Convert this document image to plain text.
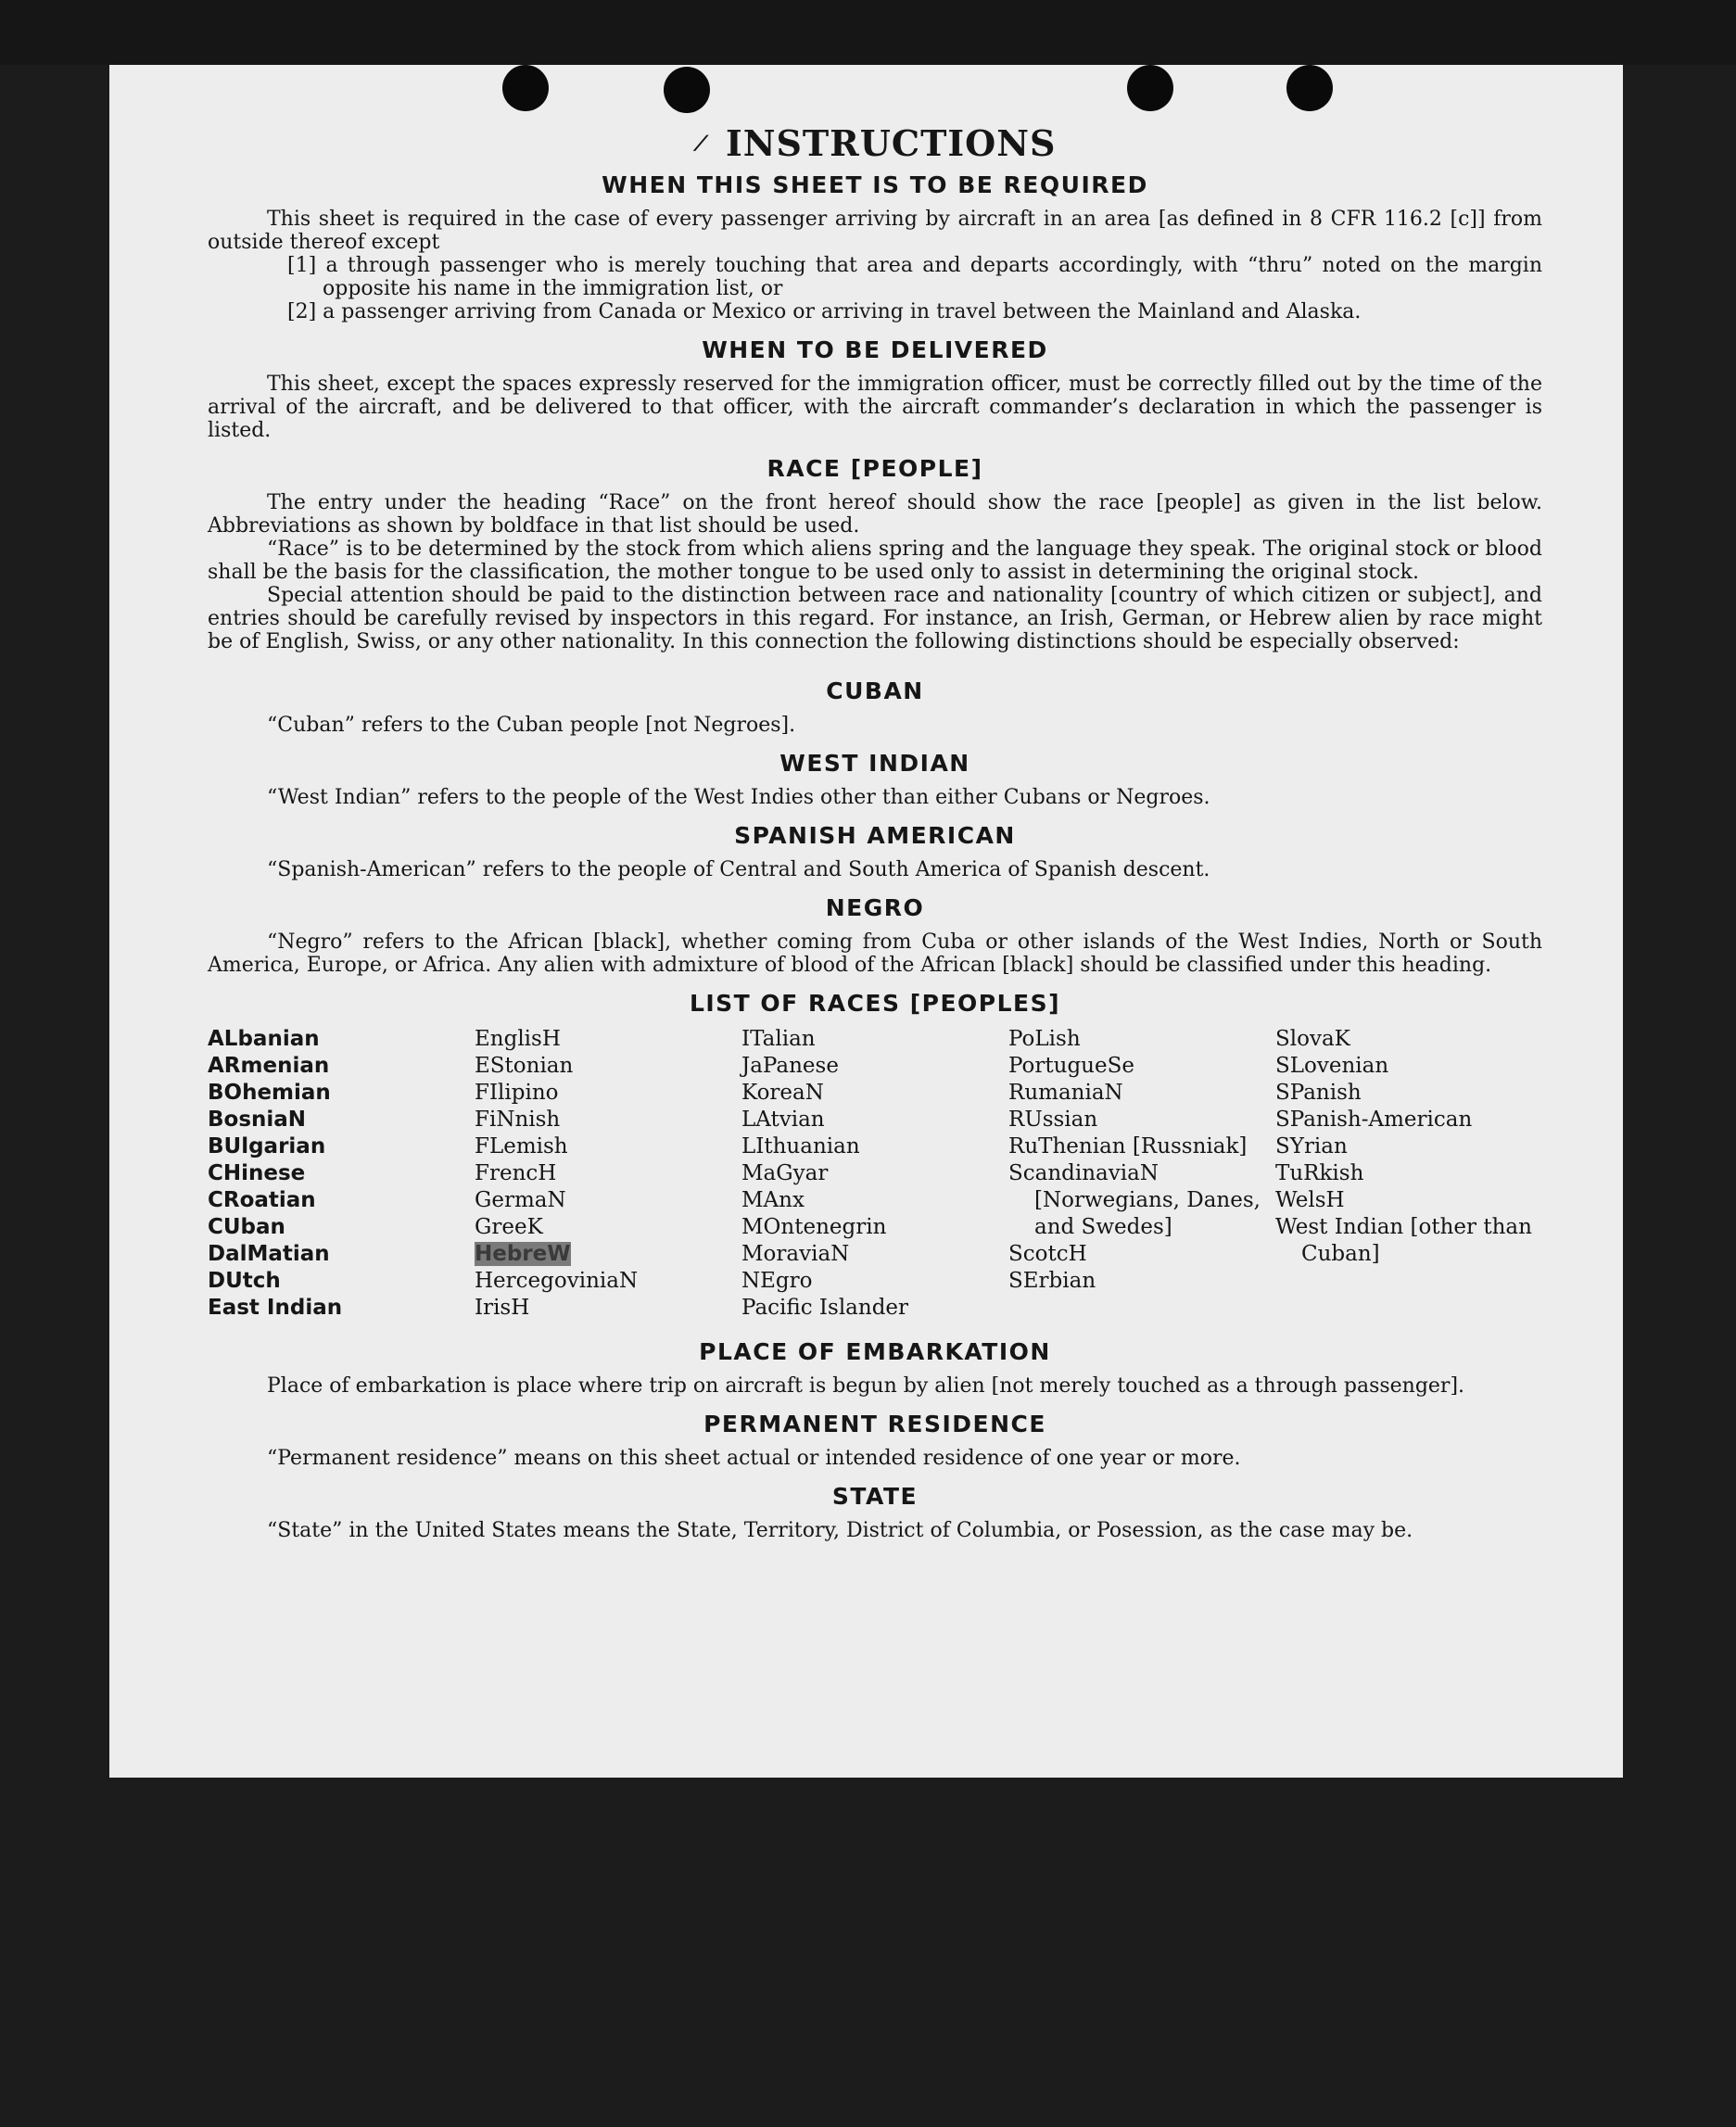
⟋ INSTRUCTIONS
WHEN THIS SHEET IS TO BE REQUIRED

This sheet is required in the case of every passenger arriving by aircraft in an area [as defined in 8 CFR 116.2 [c]] from outside thereof except

[1] a through passenger who is merely touching that area and departs accordingly, with “thru” noted on the margin opposite his name in the immigration list, or

[2] a passenger arriving from Canada or Mexico or arriving in travel between the Mainland and Alaska.

WHEN TO BE DELIVERED

This sheet, except the spaces expressly reserved for the immigration officer, must be correctly filled out by the time of the arrival of the aircraft, and be delivered to that officer, with the aircraft commander’s declaration in which the passenger is listed.

RACE [PEOPLE]

The entry under the heading “Race” on the front hereof should show the race [people] as given in the list below. Abbreviations as shown by boldface in that list should be used.

“Race” is to be determined by the stock from which aliens spring and the language they speak. The original stock or blood shall be the basis for the classification, the mother tongue to be used only to assist in determining the original stock.

Special attention should be paid to the distinction between race and nationality [country of which citizen or subject], and entries should be carefully revised by inspectors in this regard. For instance, an Irish, German, or Hebrew alien by race might be of English, Swiss, or any other nationality. In this connection the following distinctions should be especially observed:

CUBAN

“Cuban” refers to the Cuban people [not Negroes].

WEST INDIAN

“West Indian” refers to the people of the West Indies other than either Cubans or Negroes.

SPANISH AMERICAN

“Spanish-American” refers to the people of Central and South America of Spanish descent.

NEGRO

“Negro” refers to the African [black], whether coming from Cuba or other islands of the West Indies, North or South America, Europe, or Africa. Any alien with admixture of blood of the African [black] should be classified under this heading.

LIST OF RACES [PEOPLES]
ALbanian
ARmenian
BOhemian
BosniaN
BUlgarian
CHinese
CRoatian
CUban
DalMatian
DUtch
East Indian
EnglisH
EStonian
FIlipino
FiNnish
FLemish
FrencH
GermaN
GreeK
HebreW
HercegoviniaN
IrisH
ITalian
JaPanese
KoreaN
LAtvian
LIthuanian
MaGyar
MAnx
MOntenegrin
MoraviaN
NEgro
Pacific Islander
PoLish
PortugueSe
RumaniaN
RUssian
RuThenian [Russniak]
ScandinaviaN [Norwegians, Danes, and Swedes]
ScotcH
SErbian
SlovaK
SLovenian
SPanish
SPanish-American
SYrian
TuRkish
WelsH
West Indian [other than Cuban]
PLACE OF EMBARKATION

Place of embarkation is place where trip on aircraft is begun by alien [not merely touched as a through passenger].

PERMANENT RESIDENCE

“Permanent residence” means on this sheet actual or intended residence of one year or more.

STATE

“State” in the United States means the State, Territory, District of Columbia, or Posession, as the case may be.
